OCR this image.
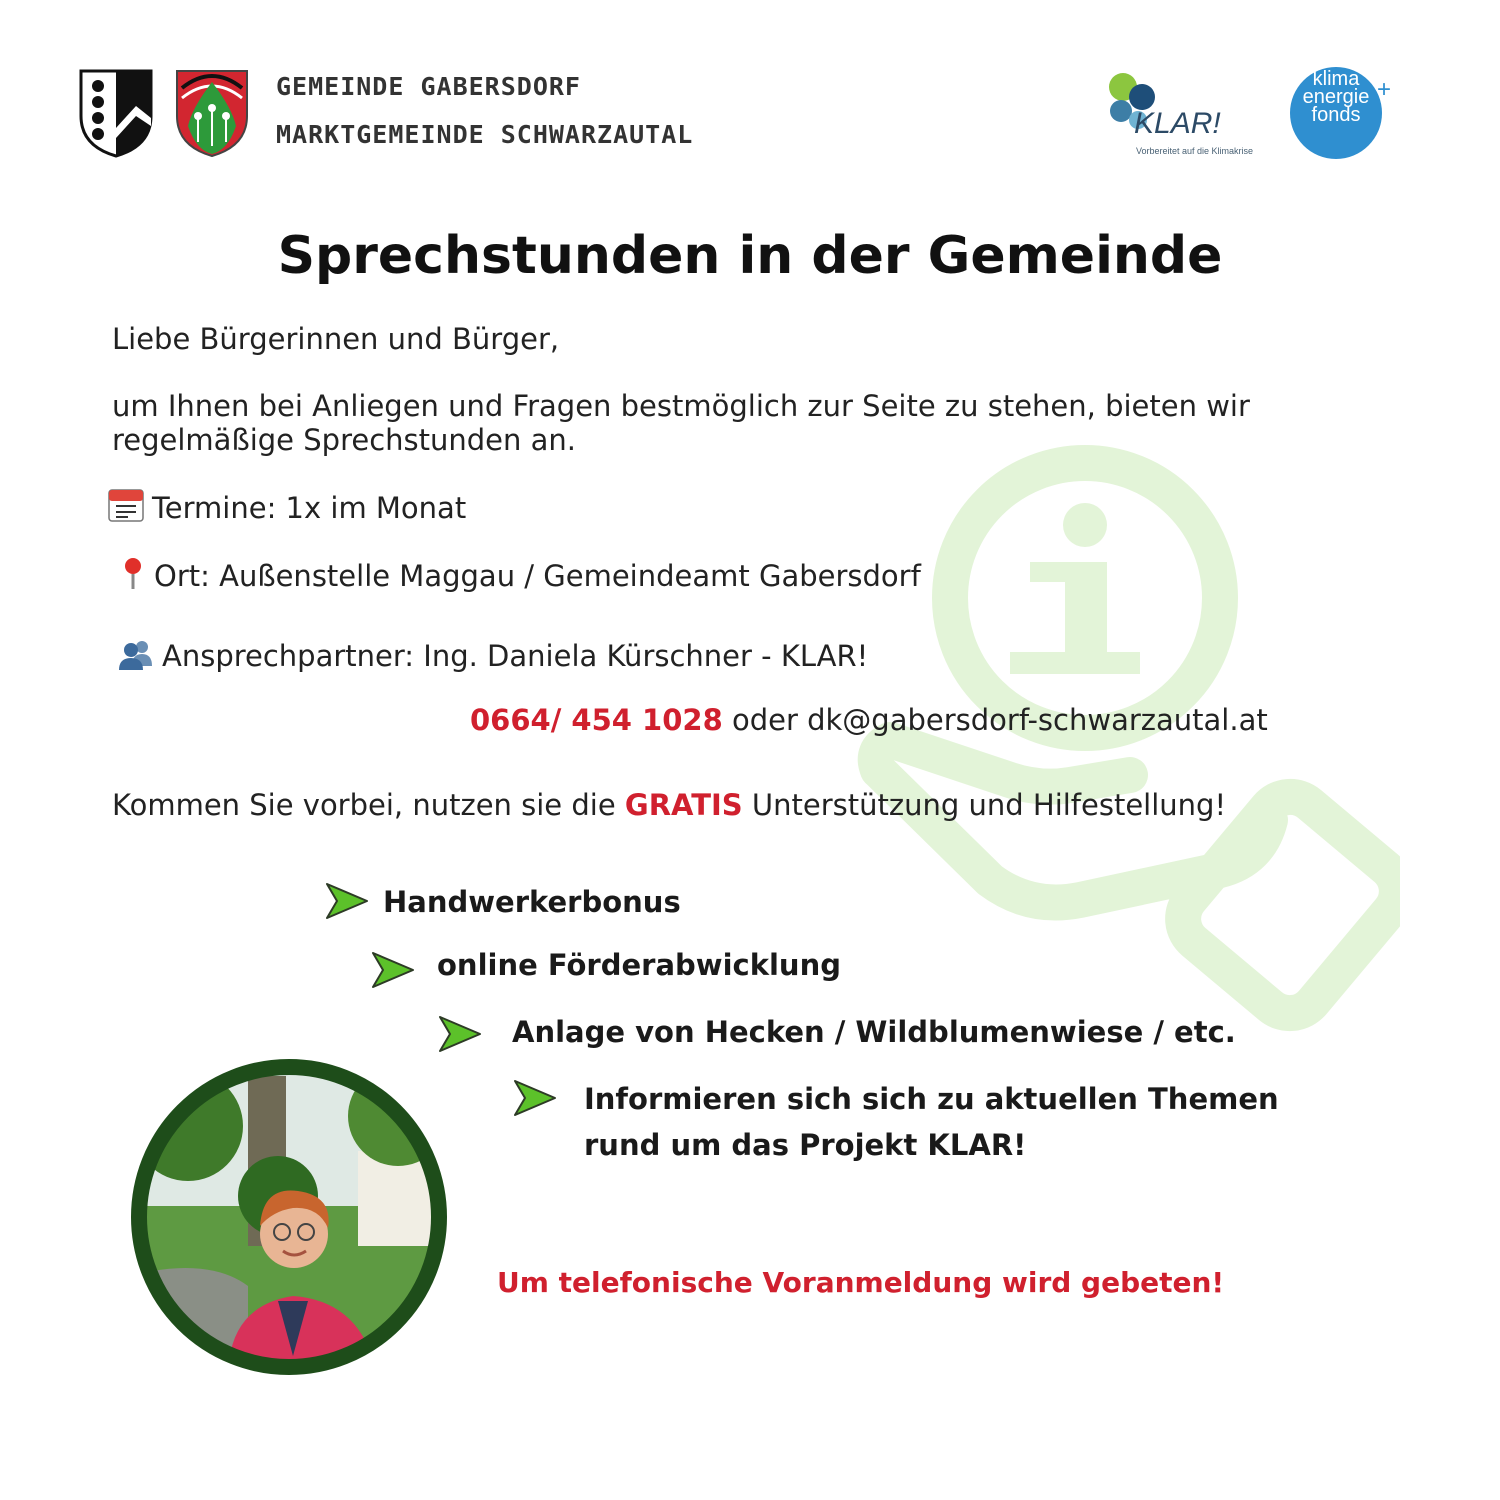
GEMEINDE GABERSDORF
MARKTGEMEINDE SCHWARZAUTAL	KLAR!
Vorbereitet auf die Klimakrise
klima
energie
fonds
+
Sprechstunden in der Gemeinde
Liebe Bürgerinnen und Bürger,
um Ihnen bei Anliegen und Fragen bestmöglich zur Seite zu stehen, bieten wir
regelmäßige Sprechstunden an.
Termine: 1x im Monat
Ort: Außenstelle Maggau / Gemeindeamt Gabersdorf
Ansprechpartner: Ing. Daniela Kürschner - KLAR!
0664/ 454 1028 oder dk@gabersdorf-schwarzautal.at
Kommen Sie vorbei, nutzen sie die GRATIS Unterstützung und Hilfestellung!
Handwerkerbonus
online Förderabwicklung
Anlage von Hecken / Wildblumenwiese / etc.
Informieren sich sich zu aktuellen Themen
rund um das Projekt KLAR!
Um telefonische Voranmeldung wird gebeten!
